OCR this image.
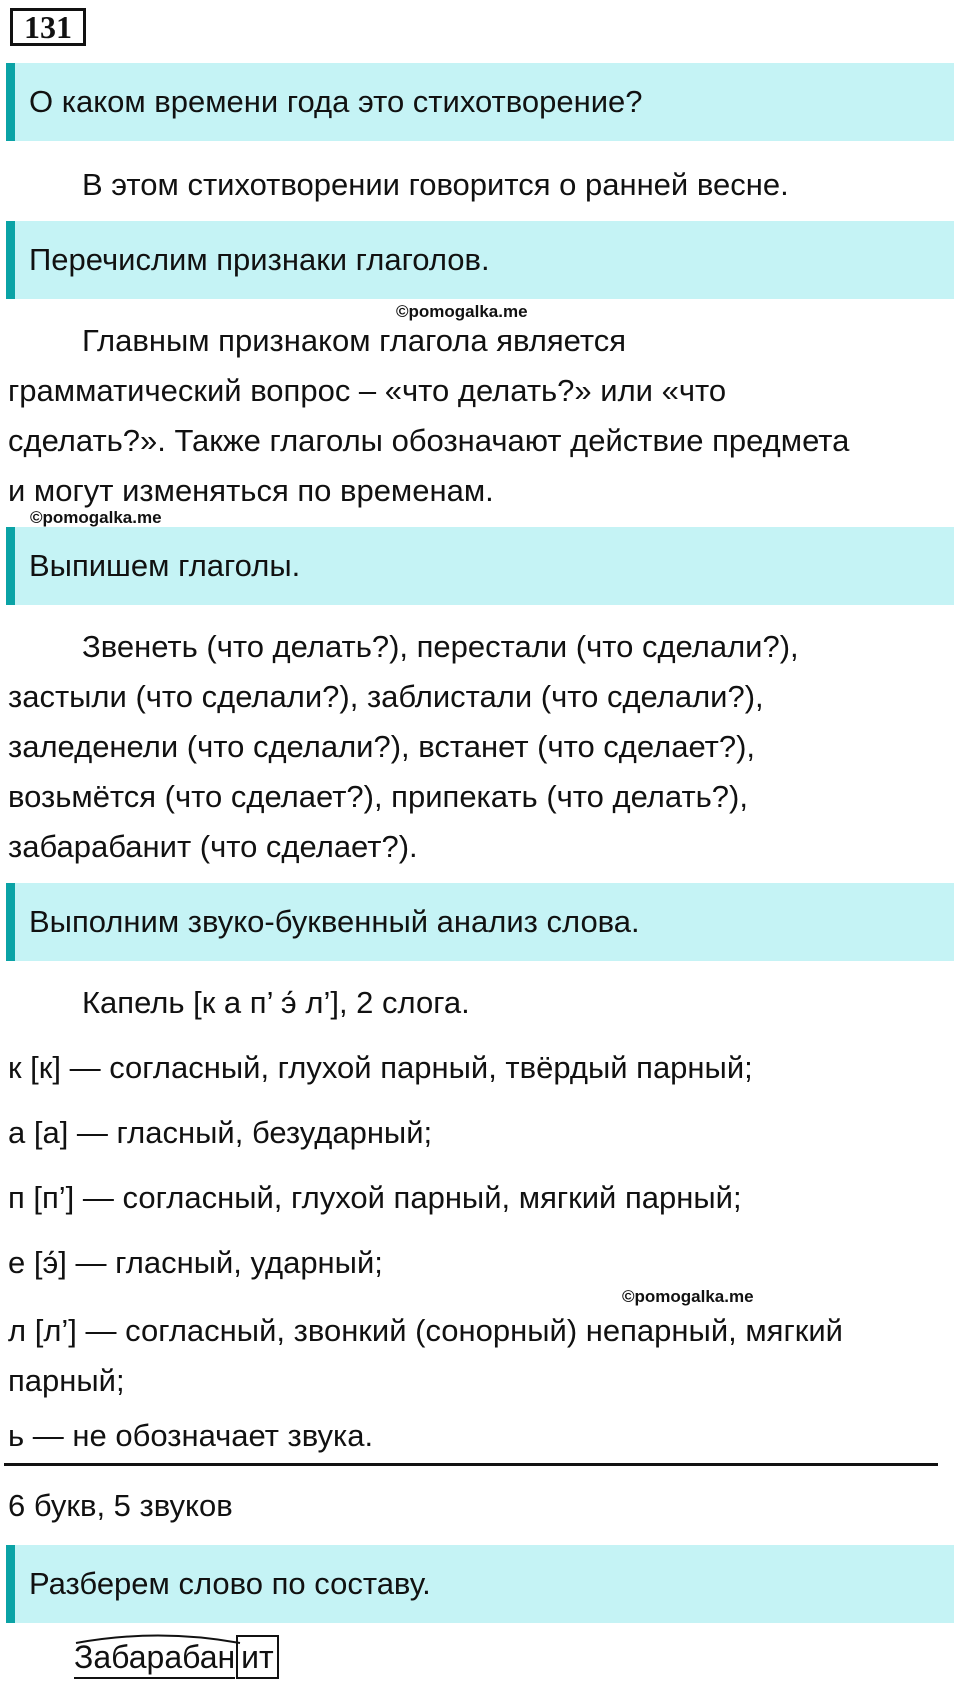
131
О каком времени года это стихотворение?
В этом стихотворении говорится о ранней весне.
Перечислим признаки глаголов.
©pomogalka.me
Главным признаком глагола является
грамматический вопрос – «что делать?» или «что
сделать?». Также глаголы обозначают действие предмета
и могут изменяться по временам.
©pomogalka.me
Выпишем глаголы.
Звенеть (что делать?), перестали (что сделали?),
застыли (что сделали?), заблистали (что сделали?),
заледенели (что сделали?), встанет (что сделает?),
возьмётся (что сделает?), припекать (что делать?),
забарабанит (что сделает?).
Выполним звуко-буквенный анализ слова.
Капель [к а п’ э́ л’], 2 слога.
к [к] — согласный, глухой парный, твёрдый парный;
а [а] — гласный, безударный;
п [п’] — согласный, глухой парный, мягкий парный;
е [э́] — гласный, ударный;
©pomogalka.me
л [л’] — согласный, звонкий (сонорный) непарный, мягкий
парный;
ь — не обозначает звука.
6 букв, 5 звуков
Разберем слово по составу.
Забарабан ит
